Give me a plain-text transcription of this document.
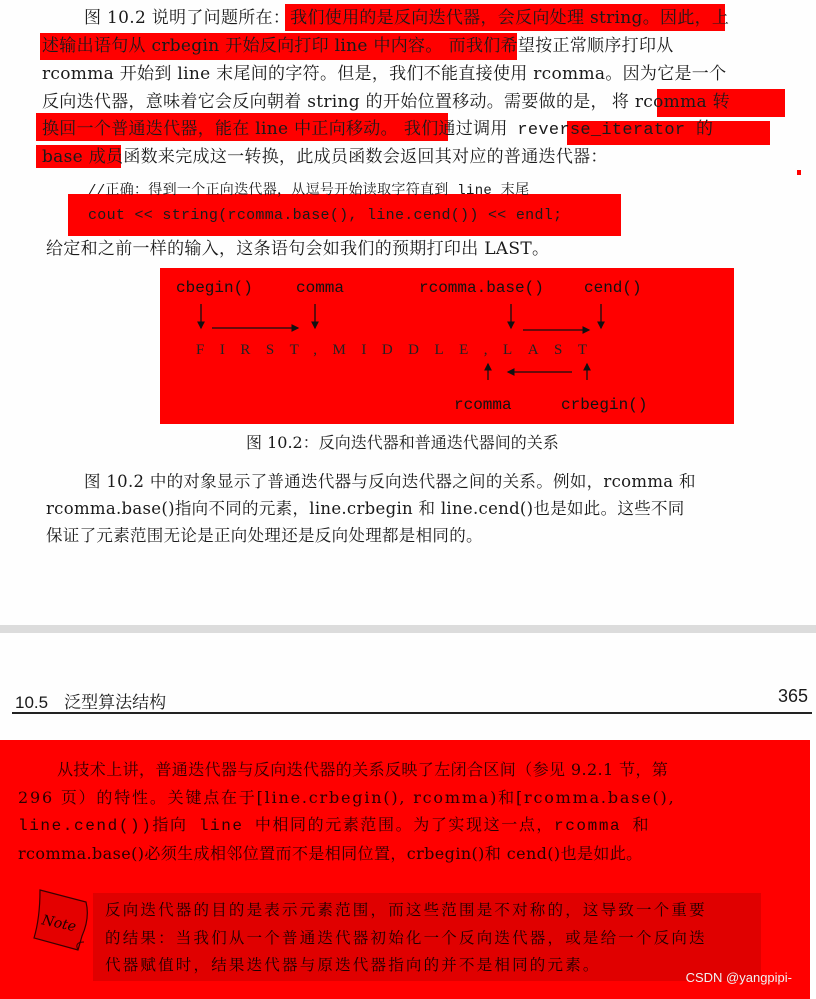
图 10.2 说明了问题所在：我们使用的是反向迭代器，会反向处理 string。因此，上
述输出语句从 crbegin 开始反向打印 line 中内容。 而我们希望按正常顺序打印从
rcomma 开始到 line 末尾间的字符。但是，我们不能直接使用 rcomma。因为它是一个
反向迭代器，意味着它会反向朝着 string 的开始位置移动。需要做的是， 将 rcomma 转
换回一个普通迭代器，能在 line 中正向移动。 我们通过调用 reverse_iterator 的
base 成员函数来完成这一转换，此成员函数会返回其对应的普通迭代器：
//正确：得到一个正向迭代器，从逗号开始读取字符直到 line 末尾
cout << string(rcomma.base(), line.cend()) << endl;
给定和之前一样的输入，这条语句会如我们的预期打印出 LAST。
cbegin()	comma	rcomma.base()	cend()
FIRST,MIDDLE,LAST
rcomma	crbegin()
图 10.2：反向迭代器和普通迭代器间的关系
图 10.2 中的对象显示了普通迭代器与反向迭代器之间的关系。例如，rcomma 和
rcomma.base()指向不同的元素，line.crbegin 和 line.cend()也是如此。这些不同
保证了元素范围无论是正向处理还是反向处理都是相同的。
10.5 泛型算法结构	365
从技术上讲，普通迭代器与反向迭代器的关系反映了左闭合区间（参见 9.2.1 节，第
296 页）的特性。关键点在于[line.crbegin(), rcomma)和[rcomma.base(),
line.cend())指向 line 中相同的元素范围。为了实现这一点，rcomma 和
rcomma.base()必须生成相邻位置而不是相同位置，crbegin()和 cend()也是如此。
Note
反向迭代器的目的是表示元素范围，而这些范围是不对称的，这导致一个重要
的结果：当我们从一个普通迭代器初始化一个反向迭代器，或是给一个反向迭
代器赋值时，结果迭代器与原迭代器指向的并不是相同的元素。
CSDN @yangpipi-
